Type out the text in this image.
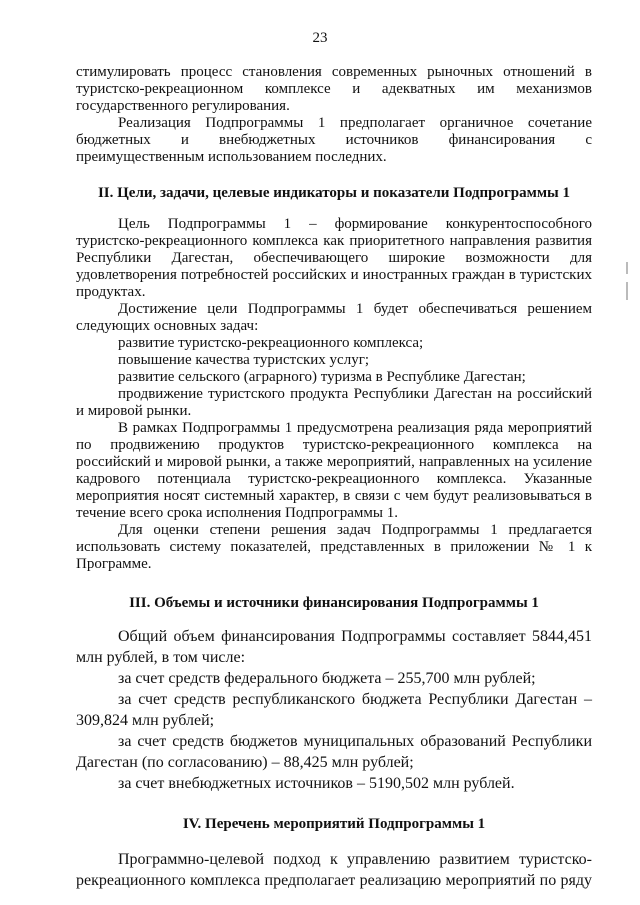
23

стимулировать процесс становления современных рыночных отношений в туристско-рекреационном комплексе и адекватных им механизмов государственного регулирования.

Реализация Подпрограммы 1 предполагает органичное сочетание бюджетных и внебюджетных источников финансирования с преимущественным использованием последних.

II. Цели, задачи, целевые индикаторы и показатели Подпрограммы 1

Цель Подпрограммы 1 – формирование конкурентоспособного туристско-рекреационного комплекса как приоритетного направления развития Республики Дагестан, обеспечивающего широкие возможности для удовлетворения потребностей российских и иностранных граждан в туристских продуктах.

Достижение цели Подпрограммы 1 будет обеспечиваться решением следующих основных задач:

развитие туристско-рекреационного комплекса;

повышение качества туристских услуг;

развитие сельского (аграрного) туризма в Республике Дагестан;

продвижение туристского продукта Республики Дагестан на российский и мировой рынки.

В рамках Подпрограммы 1 предусмотрена реализация ряда мероприятий по продвижению продуктов туристско-рекреационного комплекса на российский и мировой рынки, а также мероприятий, направленных на усиление кадрового потенциала туристско-рекреационного комплекса. Указанные мероприятия носят системный характер, в связи с чем будут реализовываться в течение всего срока исполнения Подпрограммы 1.

Для оценки степени решения задач Подпрограммы 1 предлагается использовать систему показателей, представленных в приложении № 1 к Программе.

III. Объемы и источники финансирования Подпрограммы 1

Общий объем финансирования Подпрограммы составляет 5844,451 млн рублей, в том числе:

за счет средств федерального бюджета – 255,700 млн рублей;

за счет средств республиканского бюджета Республики Дагестан – 309,824 млн рублей;

за счет средств бюджетов муниципальных образований Республики Дагестан (по согласованию) – 88,425 млн рублей;

за счет внебюджетных источников – 5190,502 млн рублей.

IV. Перечень мероприятий Подпрограммы 1

Программно-целевой подход к управлению развитием туристско-рекреационного комплекса предполагает реализацию мероприятий по ряду
